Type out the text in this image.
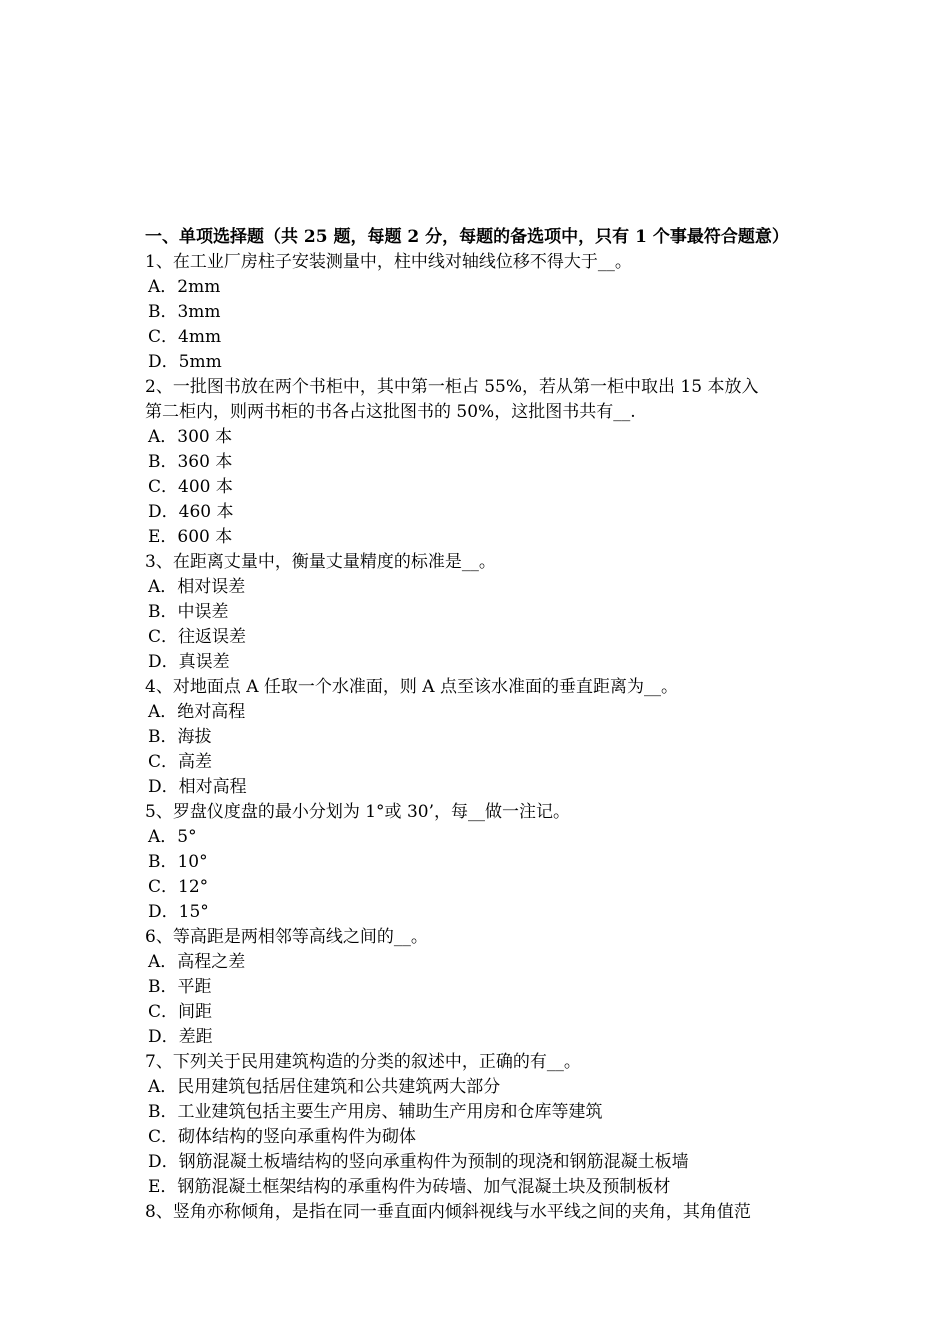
一、单项选择题（共 25 题，每题 2 分，每题的备选项中，只有 1 个事最符合题意）
1、在工业厂房柱子安装测量中，柱中线对轴线位移不得大于__。
A．2mm
B．3mm
C．4mm
D．5mm
2、一批图书放在两个书柜中，其中第一柜占 55%，若从第一柜中取出 15 本放入
第二柜内，则两书柜的书各占这批图书的 50%，这批图书共有__.
A．300 本
B．360 本
C．400 本
D．460 本
E．600 本
3、在距离丈量中，衡量丈量精度的标准是__。
A．相对误差
B．中误差
C．往返误差
D．真误差
4、对地面点 A 任取一个水准面，则 A 点至该水准面的垂直距离为__。
A．绝对高程
B．海拔
C．高差
D．相对高程
5、罗盘仪度盘的最小分划为 1°或 30’，每__做一注记。
A．5°
B．10°
C．12°
D．15°
6、等高距是两相邻等高线之间的__。
A．高程之差
B．平距
C．间距
D．差距
7、下列关于民用建筑构造的分类的叙述中，正确的有__。
A．民用建筑包括居住建筑和公共建筑两大部分
B．工业建筑包括主要生产用房、辅助生产用房和仓库等建筑
C．砌体结构的竖向承重构件为砌体
D．钢筋混凝土板墙结构的竖向承重构件为预制的现浇和钢筋混凝土板墙
E．钢筋混凝土框架结构的承重构件为砖墙、加气混凝土块及预制板材
8、竖角亦称倾角，是指在同一垂直面内倾斜视线与水平线之间的夹角，其角值范
